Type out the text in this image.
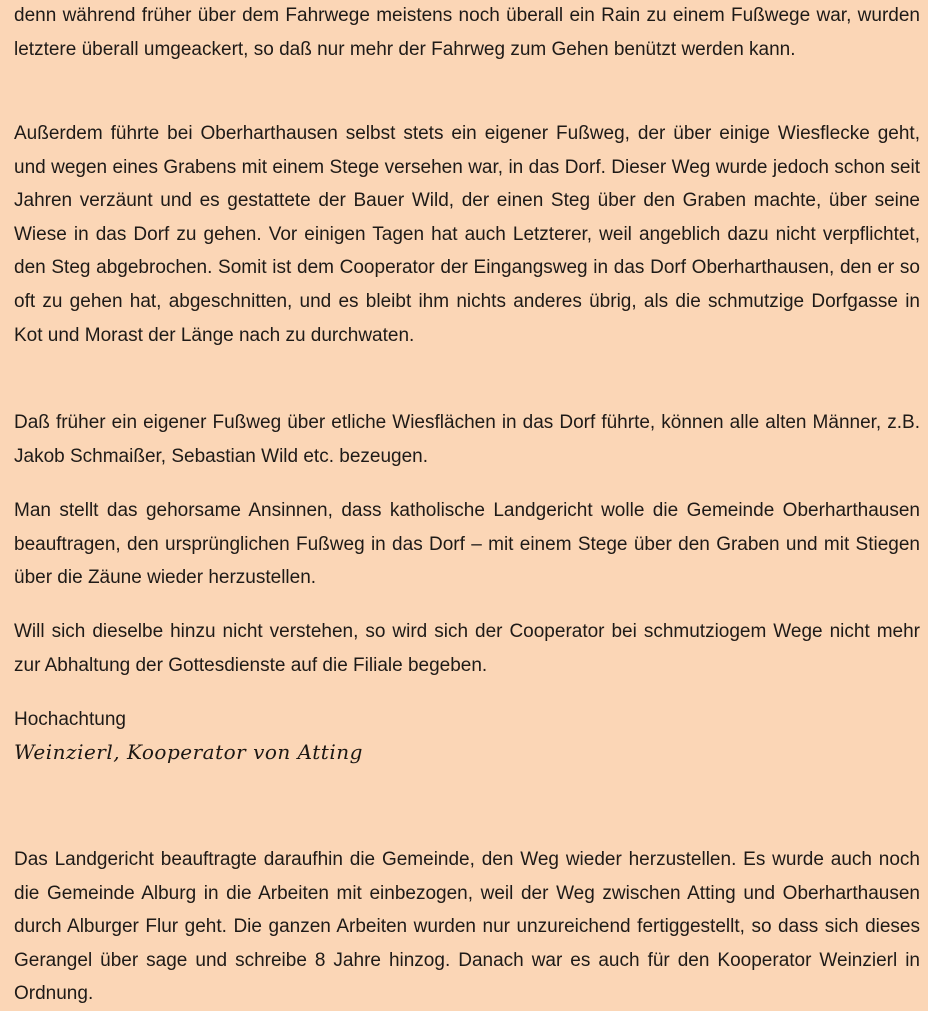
denn während früher über dem Fahrwege meistens noch überall ein Rain zu einem Fußwege war, wurden letztere überall umgeackert, so daß nur mehr der Fahrweg zum Gehen benützt werden kann.

Außerdem führte bei Oberharthausen selbst stets ein eigener Fußweg, der über einige Wiesflecke geht, und wegen eines Grabens mit einem Stege versehen war, in das Dorf. Dieser Weg wurde jedoch schon seit Jahren verzäunt und es gestattete der Bauer Wild, der einen Steg über den Graben machte, über seine Wiese in das Dorf zu gehen. Vor einigen Tagen hat auch Letzterer, weil angeblich dazu nicht verpflichtet, den Steg abgebrochen. Somit ist dem Cooperator der Eingangsweg in das Dorf Oberharthausen, den er so oft zu gehen hat, abgeschnitten, und es bleibt ihm nichts anderes übrig, als die schmutzige Dorfgasse in Kot und Morast der Länge nach zu durchwaten.

Daß früher ein eigener Fußweg über etliche Wiesflächen in das Dorf führte, können alle alten Männer, z.B. Jakob Schmaißer, Sebastian Wild etc. bezeugen.

Man stellt das gehorsame Ansinnen, dass katholische Landgericht wolle die Gemeinde Oberharthausen beauftragen, den ursprünglichen Fußweg in das Dorf – mit einem Stege über den Graben und mit Stiegen über die Zäune wieder herzustellen.

Will sich dieselbe hinzu nicht verstehen, so wird sich der Cooperator bei schmutziogem Wege nicht mehr zur Abhaltung der Gottesdienste auf die Filiale begeben.

Hochachtung

Weinzierl, Kooperator von Atting

Das Landgericht beauftragte daraufhin die Gemeinde, den Weg wieder herzustellen. Es wurde auch noch die Gemeinde Alburg in die Arbeiten mit einbezogen, weil der Weg zwischen Atting und Oberharthausen durch Alburger Flur geht. Die ganzen Arbeiten wurden nur unzureichend fertiggestellt, so dass sich dieses Gerangel über sage und schreibe 8 Jahre hinzog. Danach war es auch für den Kooperator Weinzierl in Ordnung.
